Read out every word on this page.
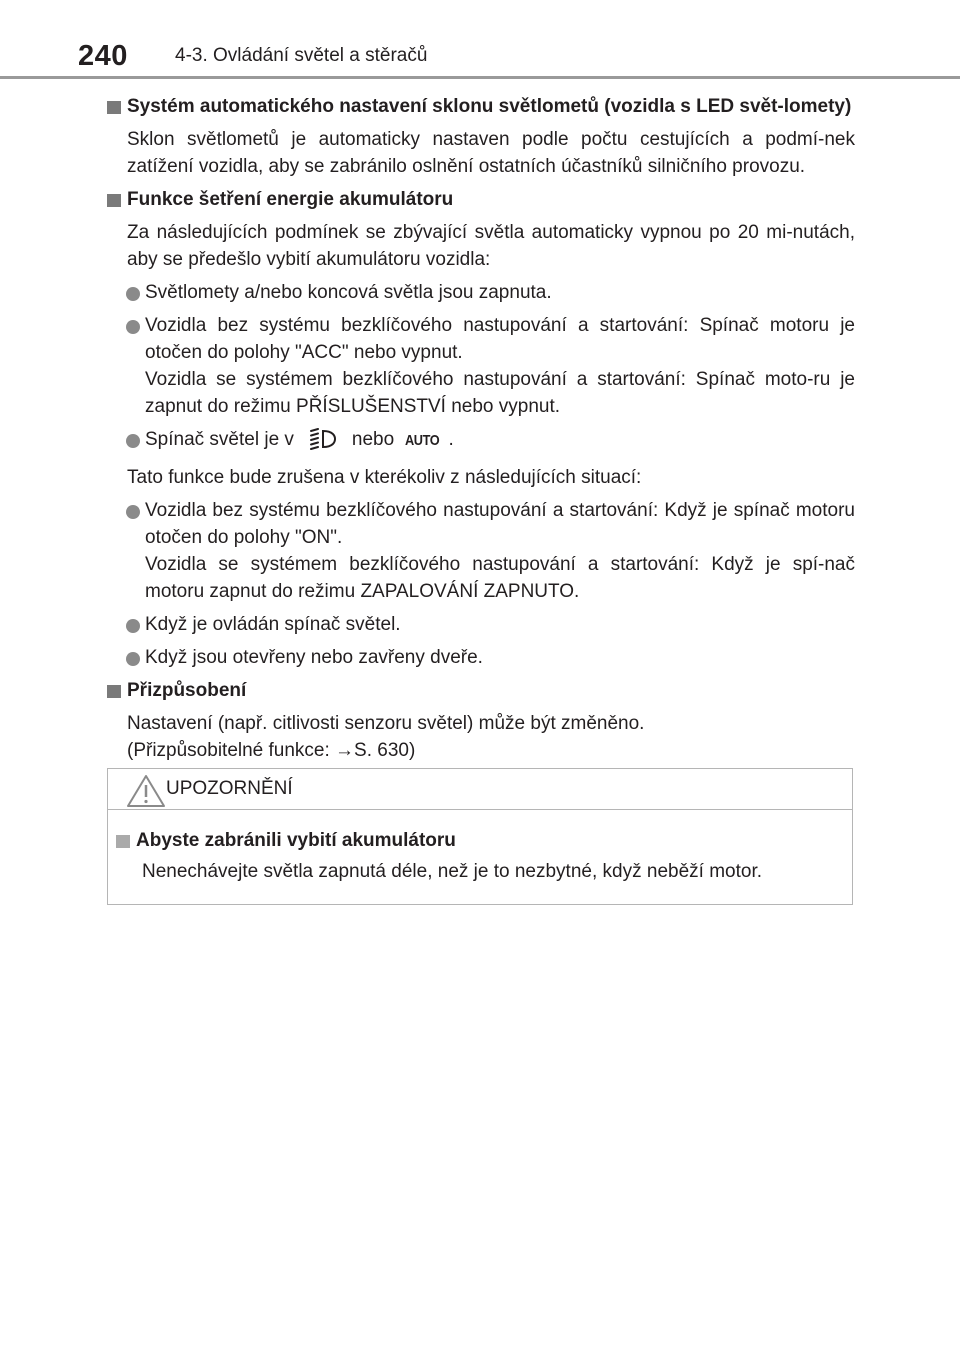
240 4-3. Ovládání světel a stěračů
Systém automatického nastavení sklonu světlometů (vozidla s LED svět-lomety)
Sklon světlometů je automaticky nastaven podle počtu cestujících a podmí-nek zatížení vozidla, aby se zabránilo oslnění ostatních účastníků silničního provozu.
Funkce šetření energie akumulátoru
Za následujících podmínek se zbývající světla automaticky vypnou po 20 mi-nutách, aby se předešlo vybití akumulátoru vozidla:
Světlomety a/nebo koncová světla jsou zapnuta.
Vozidla bez systému bezklíčového nastupování a startování: Spínač motoru je otočen do polohy "ACC" nebo vypnut.
Vozidla se systémem bezklíčového nastupování a startování: Spínač moto-ru je zapnut do režimu PŘÍSLUŠENSTVÍ nebo vypnut.
Spínač světel je v	nebo AUTO .
Tato funkce bude zrušena v kterékoliv z následujících situací:
Vozidla bez systému bezklíčového nastupování a startování: Když je spínač motoru otočen do polohy "ON".
Vozidla se systémem bezklíčového nastupování a startování: Když je spí-nač motoru zapnut do režimu ZAPALOVÁNÍ ZAPNUTO.
Když je ovládán spínač světel.
Když jsou otevřeny nebo zavřeny dveře.
Přizpůsobení
Nastavení (např. citlivosti senzoru světel) může být změněno.
(Přizpůsobitelné funkce: →S. 630)
UPOZORNĚNÍ
Abyste zabránili vybití akumulátoru
Nenechávejte světla zapnutá déle, než je to nezbytné, když neběží motor.
